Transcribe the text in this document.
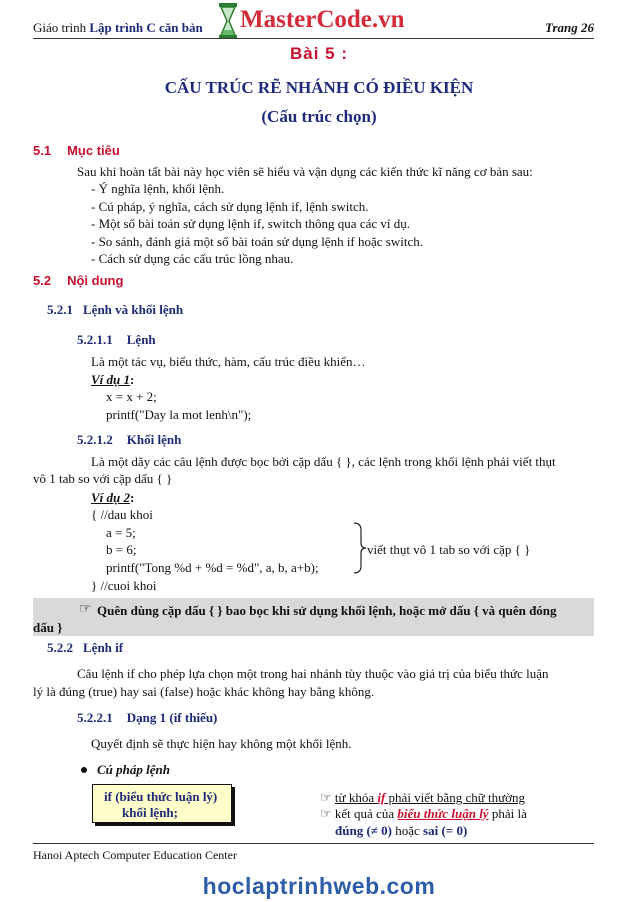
Giáo trình Lập trình C căn bản MasterCode.vn	Trang 26
Bài 5 :
CẤU TRÚC RẼ NHÁNH CÓ ĐIỀU KIỆN
(Cấu trúc chọn)
5.1 Mục tiêu
Sau khi hoàn tất bài này học viên sẽ hiểu và vận dụng các kiến thức kĩ năng cơ bản sau:
- Ý nghĩa lệnh, khối lệnh.
- Cú pháp, ý nghĩa, cách sử dụng lệnh if, lệnh switch.
- Một số bài toán sử dụng lệnh if, switch thông qua các ví dụ.
- So sánh, đánh giá một số bài toán sử dụng lệnh if hoặc switch.
- Cách sử dụng các cấu trúc lồng nhau.
5.2 Nội dung
5.2.1 Lệnh và khối lệnh
5.2.1.1 Lệnh
Là một tác vụ, biểu thức, hàm, cấu trúc điều khiển…
Ví dụ 1:
x = x + 2;
printf("Day la mot lenh\n");
5.2.1.2 Khối lệnh
Là một dãy các câu lệnh được bọc bởi cặp dấu { }, các lệnh trong khối lệnh phải viết thụt
vô 1 tab so với cặp dấu { }
Ví dụ 2:
{ //dau khoi
a = 5;
b = 6;
printf("Tong %d + %d = %d", a, b, a+b);
} //cuoi khoi
viết thụt vô 1 tab so với cặp { }
☞ Quên dùng cặp dấu { } bao bọc khi sử dụng khối lệnh, hoặc mở dấu { và quên đóng
dấu }
5.2.2 Lệnh if
Câu lệnh if cho phép lựa chọn một trong hai nhánh tùy thuộc vào giá trị của biểu thức luận
lý là đúng (true) hay sai (false) hoặc khác không hay bằng không.
5.2.2.1 Dạng 1 (if thiếu)
Quyết định sẽ thực hiện hay không một khối lệnh.
Cú pháp lệnh
if (biểu thức luận lý)
khối lệnh;
☞ từ khóa if phải viết bằng chữ thường
☞ kết quả của biểu thức luận lý phải là
đúng (≠ 0) hoặc sai (= 0)
Hanoi Aptech Computer Education Center
hoclaptrinhweb.com
